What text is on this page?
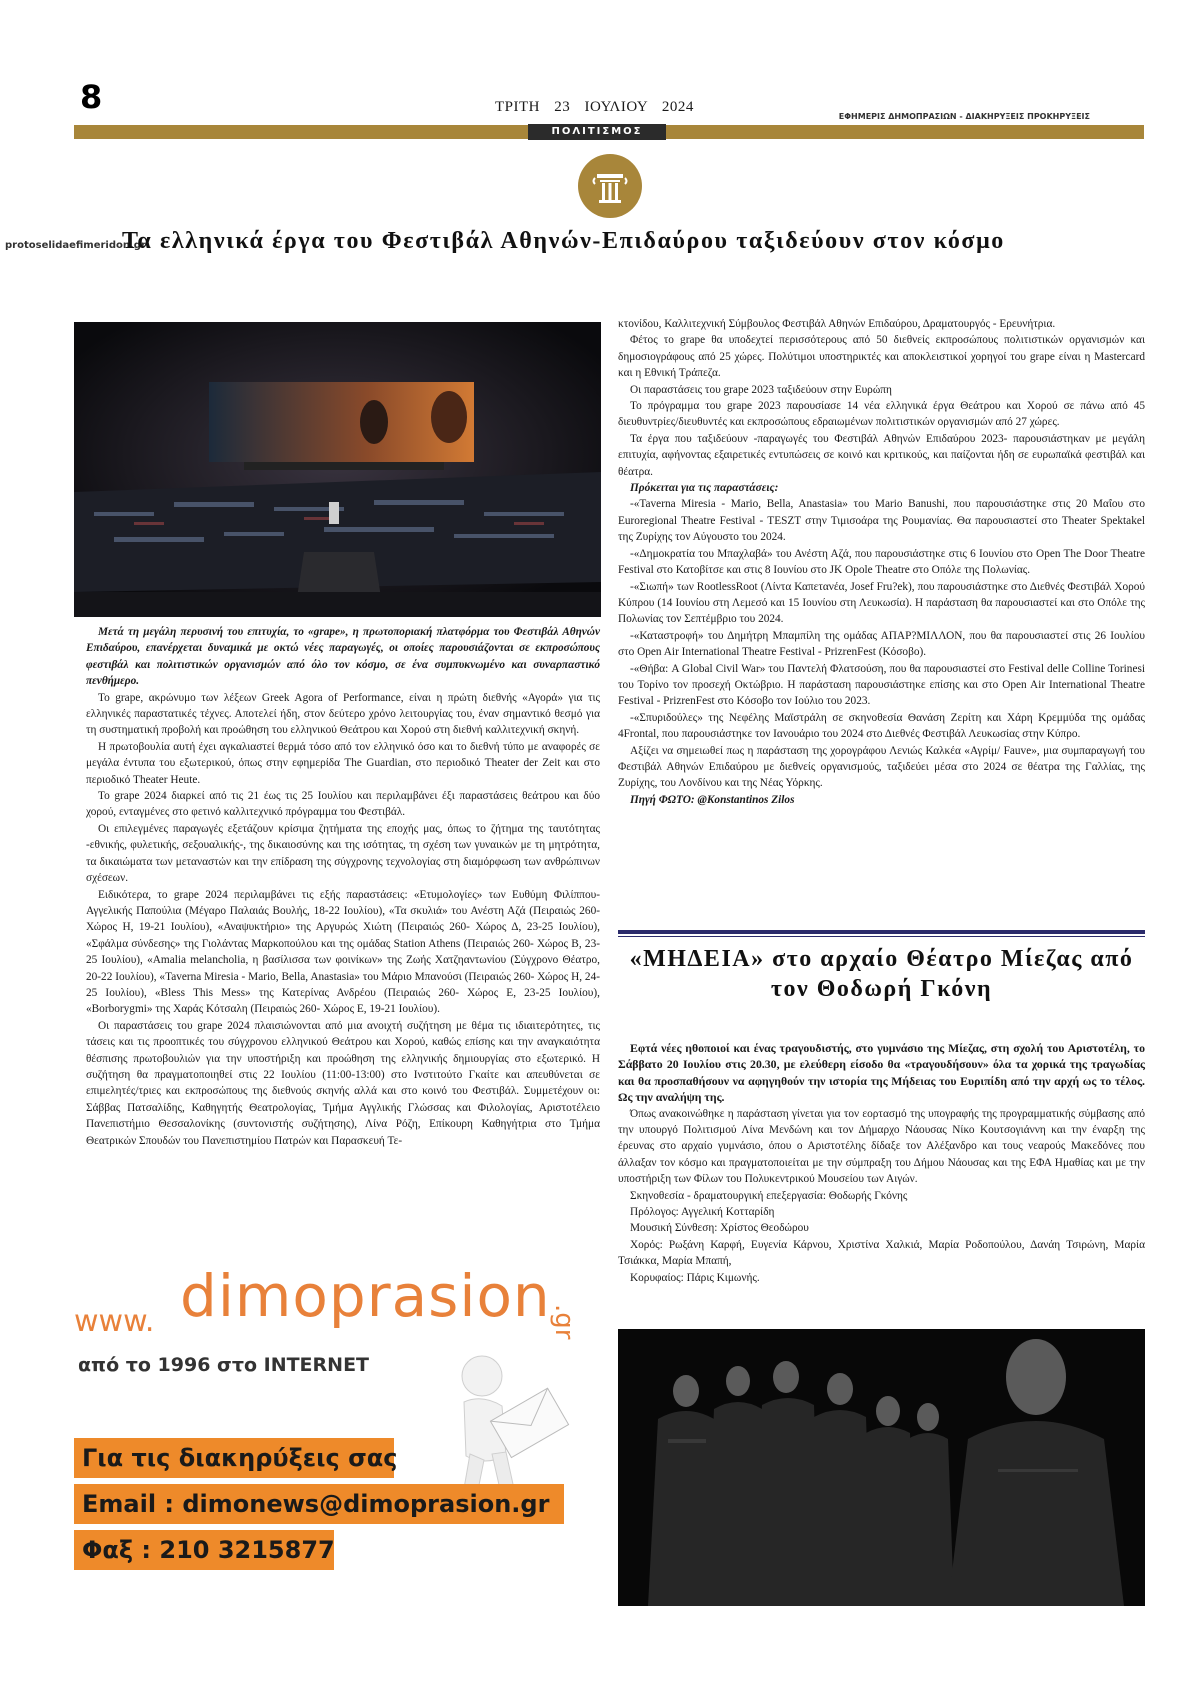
8	ΤΡΙΤΗ 23 ΙΟΥΛΙΟΥ 2024
ΕΦΗΜΕΡΙΣ ΔΗΜΟΠΡΑΣΙΩΝ - ΔΙΑΚΗΡΥΞΕΙΣ ΠΡΟΚΗΡΥΞΕΙΣ
ΠΟΛΙΤΙΣΜΟΣ
protoselidaefimeridon.gr
Τα ελληνικά έργα του Φεστιβάλ Αθηνών-Επιδαύρου ταξιδεύουν στον κόσμο

Μετά τη μεγάλη περυσινή του επιτυχία, το «grape», η πρωτοποριακή πλατφόρμα του Φεστιβάλ Αθηνών Επιδαύρου, επανέρχεται δυναμικά με οκτώ νέες παραγωγές, οι οποίες παρουσιάζονται σε εκπροσώπους φεστιβάλ και πολιτιστικών οργανισμών από όλο τον κόσμο, σε ένα συμπυκνωμένο και συναρπαστικό πενθήμερο.

Το grape, ακρώνυμο των λέξεων Greek Agora of Performance, είναι η πρώτη διεθνής «Αγορά» για τις ελληνικές παραστατικές τέχνες. Αποτελεί ήδη, στον δεύτερο χρόνο λειτουργίας του, έναν σημαντικό θεσμό για τη συστηματική προβολή και προώθηση του ελληνικού Θεάτρου και Χορού στη διεθνή καλλιτεχνική σκηνή.

Η πρωτοβουλία αυτή έχει αγκαλιαστεί θερμά τόσο από τον ελληνικό όσο και το διεθνή τύπο με αναφορές σε μεγάλα έντυπα του εξωτερικού, όπως στην εφημερίδα The Guardian, στο περιοδικό Theater der Zeit και στο περιοδικό Theater Heute.

Το grape 2024 διαρκεί από τις 21 έως τις 25 Ιουλίου και περιλαμβάνει έξι παραστάσεις θεάτρου και δύο χορού, ενταγμένες στο φετινό καλλιτεχνικό πρόγραμμα του Φεστιβάλ.

Οι επιλεγμένες παραγωγές εξετάζουν κρίσιμα ζητήματα της εποχής μας, όπως το ζήτημα της ταυτότητας -εθνικής, φυλετικής, σεξουαλικής-, της δικαιοσύνης και της ισότητας, τη σχέση των γυναικών με τη μητρότητα, τα δικαιώματα των μεταναστών και την επίδραση της σύγχρονης τεχνολογίας στη διαμόρφωση των ανθρώπινων σχέσεων.

Ειδικότερα, το grape 2024 περιλαμβάνει τις εξής παραστάσεις: «Ετυμολογίες» των Ευθύμη Φιλίππου- Αγγελικής Παπούλια (Μέγαρο Παλαιάς Βουλής, 18-22 Ιουλίου), «Τα σκυλιά» του Ανέστη Αζά (Πειραιώς 260- Χώρος Η, 19-21 Ιουλίου), «Αναψυκτήριο» της Αργυρώς Χιώτη (Πειραιώς 260- Χώρος Δ, 23-25 Ιουλίου), «Σφάλμα σύνδεσης» της Γιολάντας Μαρκοπούλου και της ομάδας Station Athens (Πειραιώς 260- Χώρος Β, 23-25 Ιουλίου), «Amalia melancholia, η βασίλισσα των φοινίκων» της Ζωής Χατζηαντωνίου (Σύγχρονο Θέατρο, 20-22 Ιουλίου), «Taverna Miresia - Mario, Bella, Anastasia» του Μάριο Μπανούσι (Πειραιώς 260- Χώρος Η, 24-25 Ιουλίου), «Bless This Mess» της Κατερίνας Ανδρέου (Πειραιώς 260- Χώρος Ε, 23-25 Ιουλίου), «Borborygmi» της Χαράς Κότσαλη (Πειραιώς 260- Χώρος Ε, 19-21 Ιουλίου).

Οι παραστάσεις του grape 2024 πλαισιώνονται από μια ανοιχτή συζήτηση με θέμα τις ιδιαιτερότητες, τις τάσεις και τις προοπτικές του σύγχρονου ελληνικού Θεάτρου και Χορού, καθώς επίσης και την αναγκαιότητα θέσπισης πρωτοβουλιών για την υποστήριξη και προώθηση της ελληνικής δημιουργίας στο εξωτερικό. Η συζήτηση θα πραγματοποιηθεί στις 22 Ιουλίου (11:00-13:00) στο Ινστιτούτο Γκαίτε και απευθύνεται σε επιμελητές/τριες και εκπροσώπους της διεθνούς σκηνής αλλά και στο κοινό του Φεστιβάλ. Συμμετέχουν οι: Σάββας Πατσαλίδης, Καθηγητής Θεατρολογίας, Τμήμα Αγγλικής Γλώσσας και Φιλολογίας, Αριστοτέλειο Πανεπιστήμιο Θεσσαλονίκης (συντονιστής συζήτησης), Λίνα Ρόζη, Επίκουρη Καθηγήτρια στο Τμήμα Θεατρικών Σπουδών του Πανεπιστημίου Πατρών και Παρασκευή Τε-

κτονίδου, Καλλιτεχνική Σύμβουλος Φεστιβάλ Αθηνών Επιδαύρου, Δραματουργός - Ερευνήτρια.

Φέτος το grape θα υποδεχτεί περισσότερους από 50 διεθνείς εκπροσώπους πολιτιστικών οργανισμών και δημοσιογράφους από 25 χώρες. Πολύτιμοι υποστηρικτές και αποκλειστικοί χορηγοί του grape είναι η Mastercard και η Εθνική Τράπεζα.

Οι παραστάσεις του grape 2023 ταξιδεύουν στην Ευρώπη

Το πρόγραμμα του grape 2023 παρουσίασε 14 νέα ελληνικά έργα Θεάτρου και Χορού σε πάνω από 45 διευθυντρίες/διευθυντές και εκπροσώπους εδραιωμένων πολιτιστικών οργανισμών από 27 χώρες.

Τα έργα που ταξιδεύουν -παραγωγές του Φεστιβάλ Αθηνών Επιδαύρου 2023- παρουσιάστηκαν με μεγάλη επιτυχία, αφήνοντας εξαιρετικές εντυπώσεις σε κοινό και κριτικούς, και παίζονται ήδη σε ευρωπαϊκά φεστιβάλ και θέατρα.

Πρόκειται για τις παραστάσεις:

-«Taverna Miresia - Mario, Bella, Anastasia» του Mario Banushi, που παρουσιάστηκε στις 20 Μαΐου στο Euroregional Theatre Festival - TESZT στην Τιμισοάρα της Ρουμανίας. Θα παρουσιαστεί στο Theater Spektakel της Ζυρίχης τον Αύγουστο του 2024.

-«Δημοκρατία του Μπαχλαβά» του Ανέστη Αζά, που παρουσιάστηκε στις 6 Ιουνίου στο Open The Door Theatre Festival στο Κατοβίτσε και στις 8 Ιουνίου στο JK Opole Theatre στο Οπόλε της Πολωνίας.

-«Σιωπή» των RootlessRoot (Λίντα Καπετανέα, Josef Fru?ek), που παρουσιάστηκε στο Διεθνές Φεστιβάλ Χορού Κύπρου (14 Ιουνίου στη Λεμεσό και 15 Ιουνίου στη Λευκωσία). Η παράσταση θα παρουσιαστεί και στο Οπόλε της Πολωνίας τον Σεπτέμβριο του 2024.

-«Καταστροφή» του Δημήτρη Μπαμπίλη της ομάδας ΑΠΑΡ?ΜΙΛΛΟΝ, που θα παρουσιαστεί στις 26 Ιουλίου στο Open Air International Theatre Festival - PrizrenFest (Κόσοβο).

-«Θήβα: A Global Civil War» του Παντελή Φλατσούση, που θα παρουσιαστεί στο Festival delle Colline Torinesi του Τορίνο τον προσεχή Οκτώβριο. Η παράσταση παρουσιάστηκε επίσης και στο Open Air International Theatre Festival - PrizrenFest στο Κόσοβο τον Ιούλιο του 2023.

-«Σπυριδούλες» της Νεφέλης Μαϊστράλη σε σκηνοθεσία Θανάση Ζερίτη και Χάρη Κρεμμύδα της ομάδας 4Frontal, που παρουσιάστηκε τον Ιανουάριο του 2024 στο Διεθνές Φεστιβάλ Λευκωσίας στην Κύπρο.

Αξίζει να σημειωθεί πως η παράσταση της χορογράφου Λενιώς Καλκέα «Αγρίμ/ Fauve», μια συμπαραγωγή του Φεστιβάλ Αθηνών Επιδαύρου με διεθνείς οργανισμούς, ταξιδεύει μέσα στο 2024 σε θέατρα της Γαλλίας, της Ζυρίχης, του Λονδίνου και της Νέας Υόρκης.

Πηγή ΦΩΤΟ: @Konstantinos Zilos

«ΜΗΔΕΙΑ» στο αρχαίο Θέατρο Μίεζας από τον Θοδωρή Γκόνη

Εφτά νέες ηθοποιοί και ένας τραγουδιστής, στο γυμνάσιο της Μίεζας, στη σχολή του Αριστοτέλη, το Σάββατο 20 Ιουλίου στις 20.30, με ελεύθερη είσοδο θα «τραγουδήσουν» όλα τα χορικά της τραγωδίας και θα προσπαθήσουν να αφηγηθούν την ιστορία της Μήδειας του Ευριπίδη από την αρχή ως το τέλος. Ως την αναλήψη της.

Όπως ανακοινώθηκε η παράσταση γίνεται για τον εορτασμό της υπογραφής της προγραμματικής σύμβασης από την υπουργό Πολιτισμού Λίνα Μενδώνη και τον Δήμαρχο Νάουσας Νίκο Κουτσογιάννη και την έναρξη της έρευνας στο αρχαίο γυμνάσιο, όπου ο Αριστοτέλης δίδαξε τον Αλέξανδρο και τους νεαρούς Μακεδόνες που άλλαξαν τον κόσμο και πραγματοποιείται με την σύμπραξη του Δήμου Νάουσας και της ΕΦΑ Ημαθίας και με την υποστήριξη των Φίλων του Πολυκεντρικού Μουσείου των Αιγών.

Σκηνοθεσία - δραματουργική επεξεργασία: Θοδωρής Γκόνης

Πρόλογος: Αγγελική Κοτταρίδη

Μουσική Σύνθεση: Χρίστος Θεοδώρου

Χορός: Ρωξάνη Καρφή, Ευγενία Κάρνου, Χριστίνα Χαλκιά, Μαρία Ροδοπούλου, Δανάη Τσιρώνη, Μαρία Τσιάκκα, Μαρία Μπαπή,

Κορυφαίος: Πάρις Κιμωνής.

www. dimoprasion
.gr
από το 1996 στο INTERNET
Για τις διακηρύξεις σας
Email : dimonews@dimoprasion.gr
Φαξ : 210 3215877
